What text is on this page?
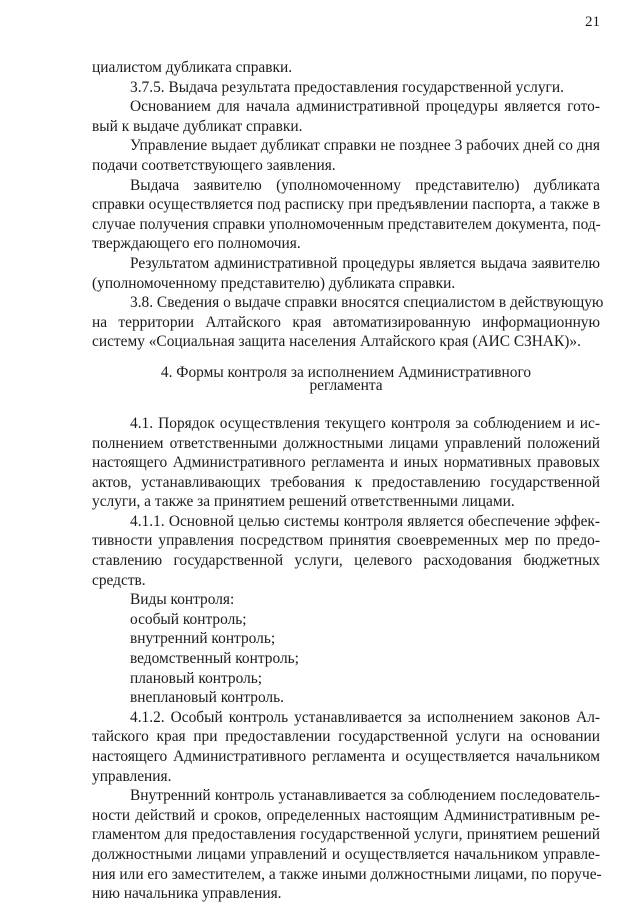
21
циалистом дубликата справки.
3.7.5. Выдача результата предоставления государственной услуги.
Основанием для начала административной процедуры является гото-
вый к выдаче дубликат справки.
Управление выдает дубликат справки не позднее 3 рабочих дней со дня
подачи соответствующего заявления.
Выдача заявителю (уполномоченному представителю) дубликата
справки осуществляется под расписку при предъявлении паспорта, а также в
случае получения справки уполномоченным представителем документа, под-
тверждающего его полномочия.
Результатом административной процедуры является выдача заявителю
(уполномоченному представителю) дубликата справки.
3.8. Сведения о выдаче справки вносятся специалистом в действующую
на территории Алтайского края автоматизированную информационную
систему «Социальная защита населения Алтайского края (АИС СЗНАК)».
4. Формы контроля за исполнением Административного
регламента
4.1. Порядок осуществления текущего контроля за соблюдением и ис-
полнением ответственными должностными лицами управлений положений
настоящего Административного регламента и иных нормативных правовых
актов, устанавливающих требования к предоставлению государственной
услуги, а также за принятием решений ответственными лицами.
4.1.1. Основной целью системы контроля является обеспечение эффек-
тивности управления посредством принятия своевременных мер по предо-
ставлению государственной услуги, целевого расходования бюджетных
средств.
Виды контроля:
особый контроль;
внутренний контроль;
ведомственный контроль;
плановый контроль;
внеплановый контроль.
4.1.2. Особый контроль устанавливается за исполнением законов Ал-
тайского края при предоставлении государственной услуги на основании
настоящего Административного регламента и осуществляется начальником
управления.
Внутренний контроль устанавливается за соблюдением последователь-
ности действий и сроков, определенных настоящим Административным ре-
гламентом для предоставления государственной услуги, принятием решений
должностными лицами управлений и осуществляется начальником управле-
ния или его заместителем, а также иными должностными лицами, по поруче-
нию начальника управления.
